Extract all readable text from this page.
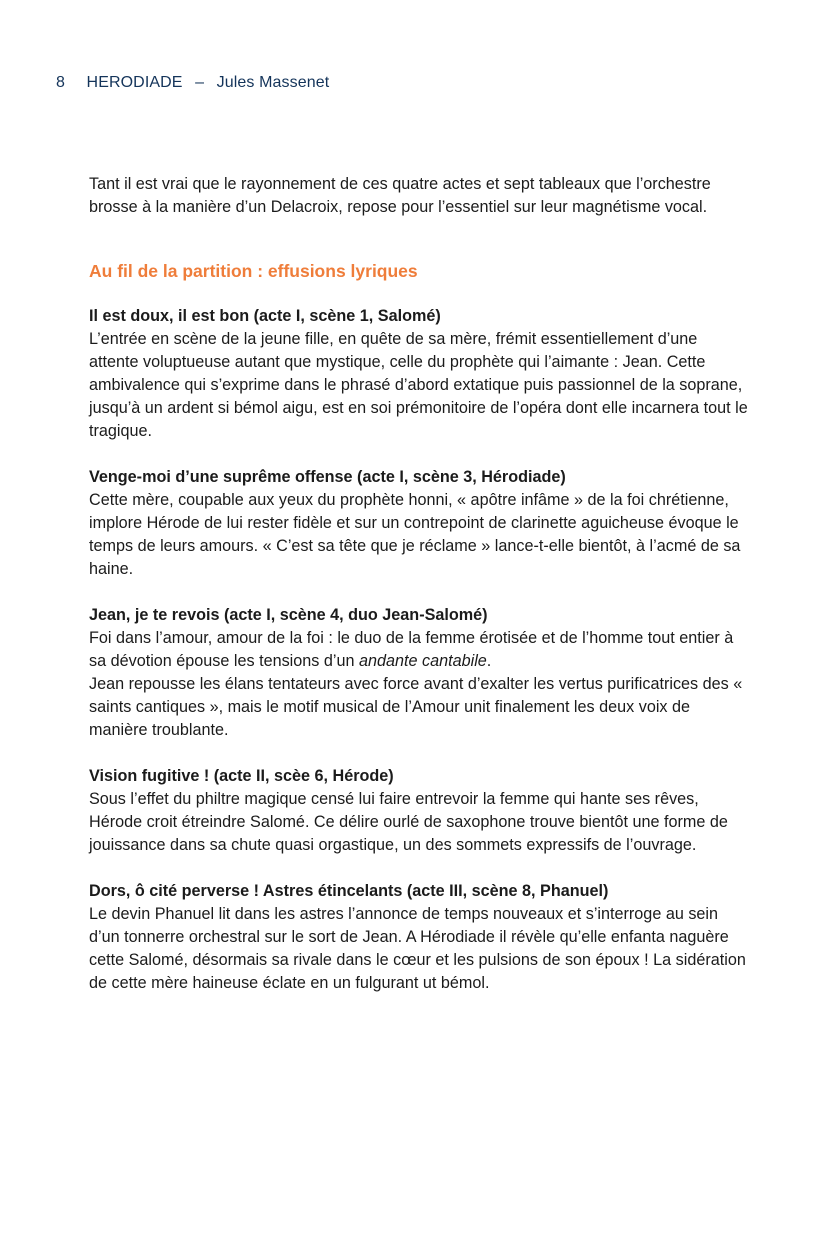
8 HERODIADE – Jules Massenet

Tant il est vrai que le rayonnement de ces quatre actes et sept tableaux que l’orchestre brosse à la manière d’un Delacroix, repose pour l’essentiel sur leur magnétisme vocal.

Au fil de la partition : effusions lyriques

Il est doux, il est bon (acte I, scène 1, Salomé)

L’entrée en scène de la jeune fille, en quête de sa mère, frémit essentiellement d’une attente voluptueuse autant que mystique, celle du prophète qui l’aimante : Jean. Cette ambivalence qui s’exprime dans le phrasé d’abord extatique puis passionnel de la soprane, jusqu’à un ardent si bémol aigu, est en soi prémonitoire de l’opéra dont elle incarnera tout le tragique.

Venge-moi d’une suprême offense (acte I, scène 3, Hérodiade)

Cette mère, coupable aux yeux du prophète honni, « apôtre infâme » de la foi chrétienne, implore Hérode de lui rester fidèle et sur un contrepoint de clarinette aguicheuse évoque le temps de leurs amours. « C’est sa tête que je réclame » lance-t-elle bientôt, à l’acmé de sa haine.

Jean, je te revois (acte I, scène 4, duo Jean-Salomé)

Foi dans l’amour, amour de la foi : le duo de la femme érotisée et de l’homme tout entier à sa dévotion épouse les tensions d’un andante cantabile.

Jean repousse les élans tentateurs avec force avant d’exalter les vertus purificatrices des « saints cantiques », mais le motif musical de l’Amour unit finalement les deux voix de manière troublante.

Vision fugitive ! (acte II, scèe 6, Hérode)

Sous l’effet du philtre magique censé lui faire entrevoir la femme qui hante ses rêves, Hérode croit étreindre Salomé. Ce délire ourlé de saxophone trouve bientôt une forme de jouissance dans sa chute quasi orgastique, un des sommets expressifs de l’ouvrage.

Dors, ô cité perverse ! Astres étincelants (acte III, scène 8, Phanuel)

Le devin Phanuel lit dans les astres l’annonce de temps nouveaux et s’interroge au sein d’un tonnerre orchestral sur le sort de Jean. A Hérodiade il révèle qu’elle enfanta naguère cette Salomé, désormais sa rivale dans le cœur et les pulsions de son époux ! La sidération de cette mère haineuse éclate en un fulgurant ut bémol.
